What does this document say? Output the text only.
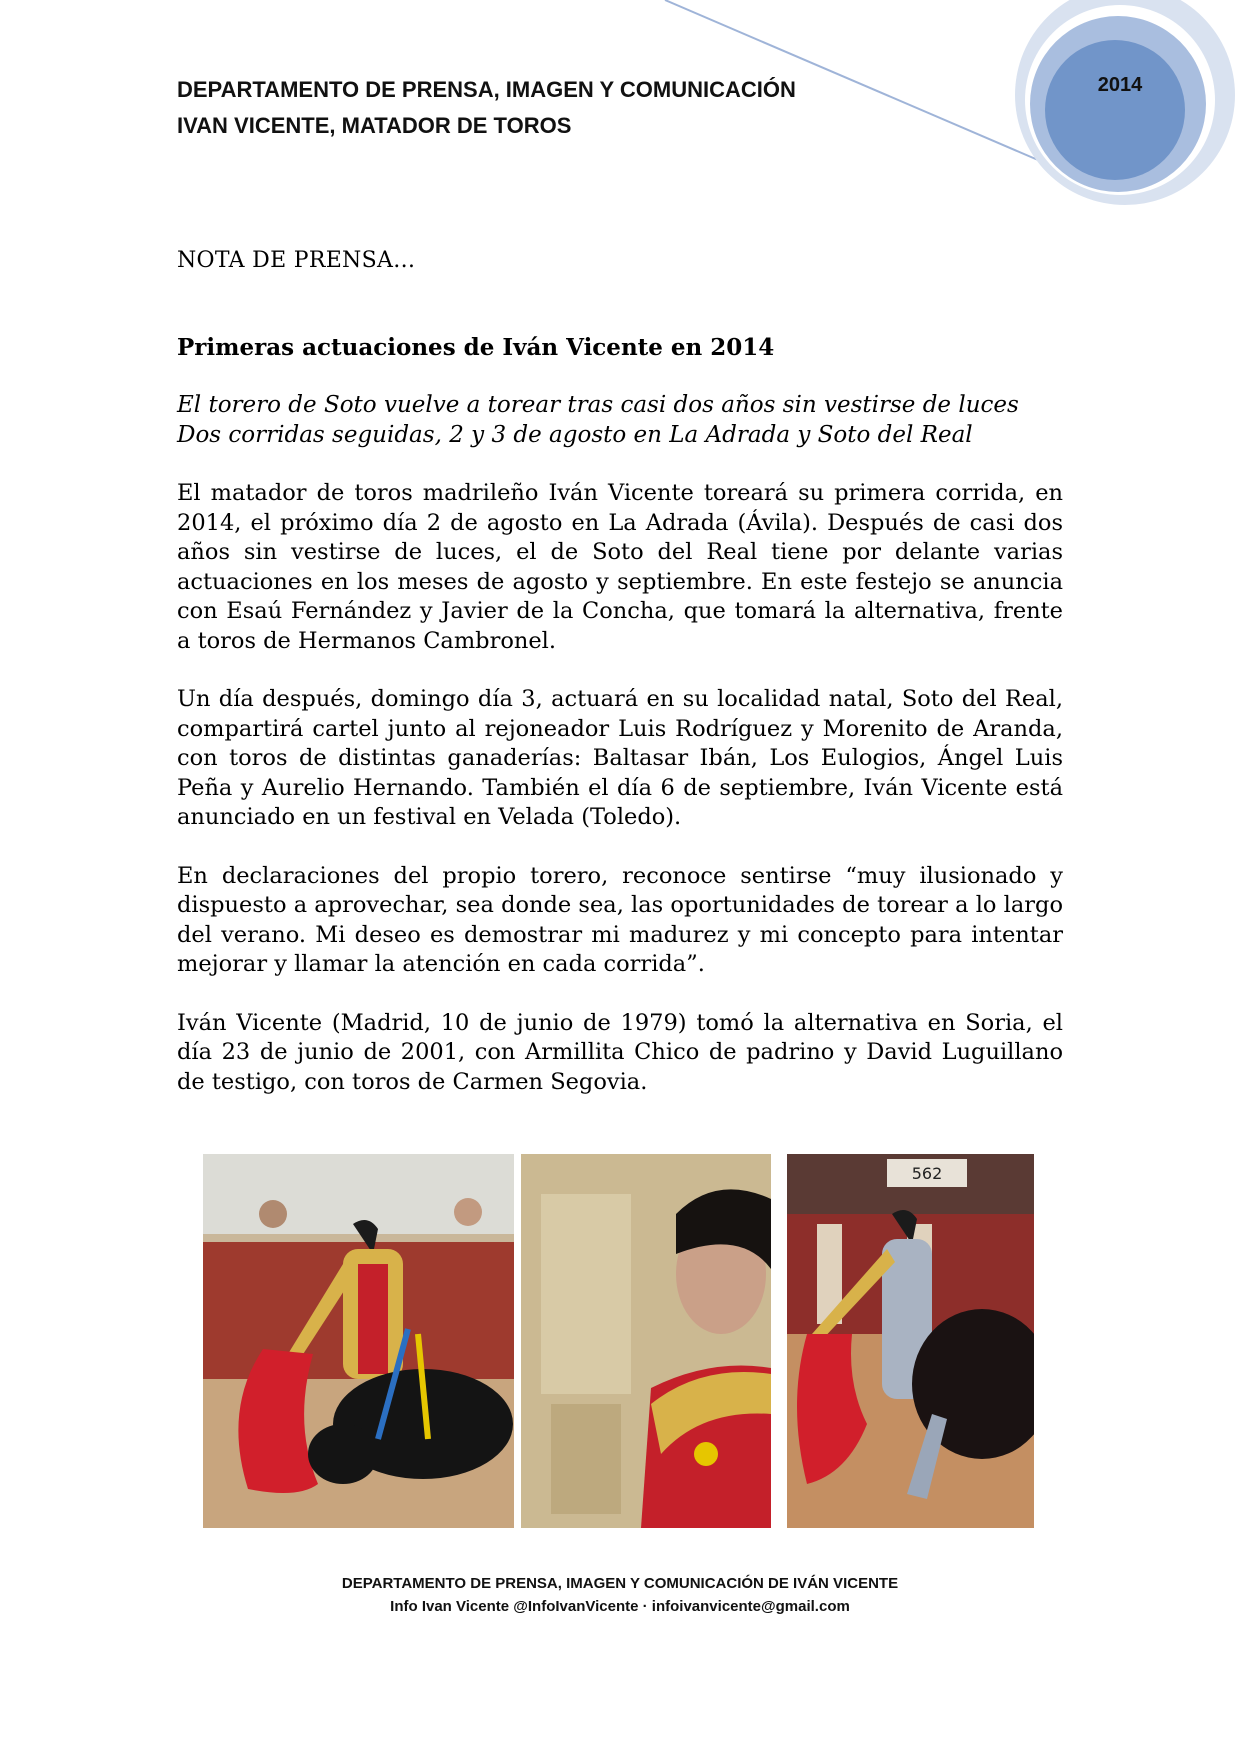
DEPARTAMENTO DE PRENSA, IMAGEN Y COMUNICACIÓN
IVAN VICENTE, MATADOR DE TOROS
2014
NOTA DE PRENSA…
Primeras actuaciones de Iván Vicente en 2014
El torero de Soto vuelve a torear tras casi dos años sin vestirse de luces
Dos corridas seguidas, 2 y 3 de agosto en La Adrada y Soto del Real

El matador de toros madrileño Iván Vicente toreará su primera corrida, en 2014, el próximo día 2 de agosto en La Adrada (Ávila). Después de casi dos años sin vestirse de luces, el de Soto del Real tiene por delante varias actuaciones en los meses de agosto y septiembre. En este festejo se anuncia con Esaú Fernández y Javier de la Concha, que tomará la alternativa, frente a toros de Hermanos Cambronel.

Un día después, domingo día 3, actuará en su localidad natal, Soto del Real, compartirá cartel junto al rejoneador Luis Rodríguez y Morenito de Aranda, con toros de distintas ganaderías: Baltasar Ibán, Los Eulogios, Ángel Luis Peña y Aurelio Hernando. También el día 6 de septiembre, Iván Vicente está anunciado en un festival en Velada (Toledo).

En declaraciones del propio torero, reconoce sentirse “muy ilusionado y dispuesto a aprovechar, sea donde sea, las oportunidades de torear a lo largo del verano. Mi deseo es demostrar mi madurez y mi concepto para intentar mejorar y llamar la atención en cada corrida”.

Iván Vicente (Madrid, 10 de junio de 1979) tomó la alternativa en Soria, el día 23 de junio de 2001, con Armillita Chico de padrino y David Luguillano de testigo, con toros de Carmen Segovia.

562
DEPARTAMENTO DE PRENSA, IMAGEN Y COMUNICACIÓN DE IVÁN VICENTE
Info Ivan Vicente @InfoIvanVicente · infoivanvicente@gmail.com
